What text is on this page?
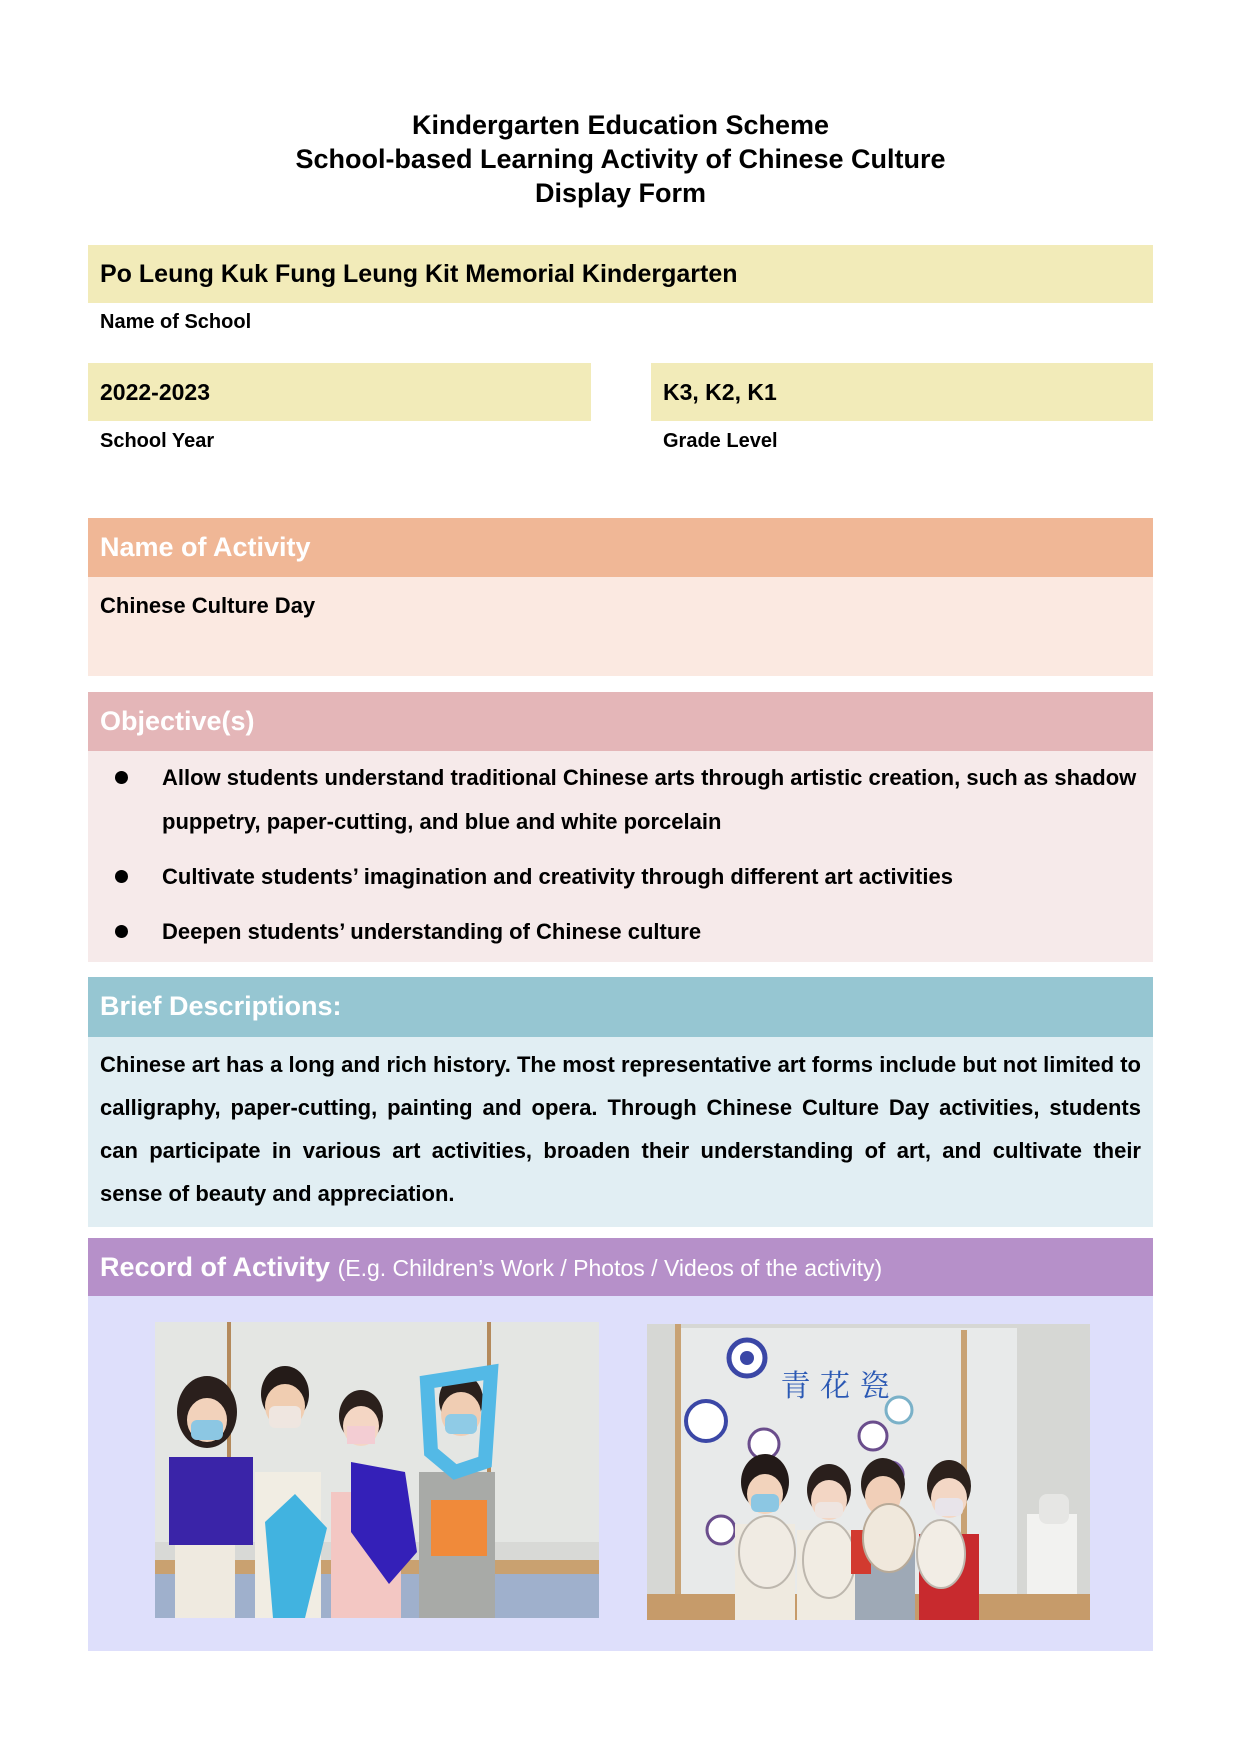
Kindergarten Education Scheme
School-based Learning Activity of Chinese Culture
Display Form
Po Leung Kuk Fung Leung Kit Memorial Kindergarten
Name of School
2022-2023
School Year
K3, K2, K1
Grade Level
Name of Activity
Chinese Culture Day
Objective(s)
Allow students understand traditional Chinese arts through artistic creation, such as shadow puppetry, paper-cutting, and blue and white porcelain
Cultivate students’ imagination and creativity through different art activities
Deepen students’ understanding of Chinese culture
Brief Descriptions:
Chinese art has a long and rich history. The most representative art forms include but not limited to calligraphy, paper-cutting, painting and opera. Through Chinese Culture Day activities, students can participate in various art activities, broaden their understanding of art, and cultivate their sense of beauty and appreciation.
Record of Activity (E.g. Children’s Work / Photos / Videos of the activity)
青 花 瓷
